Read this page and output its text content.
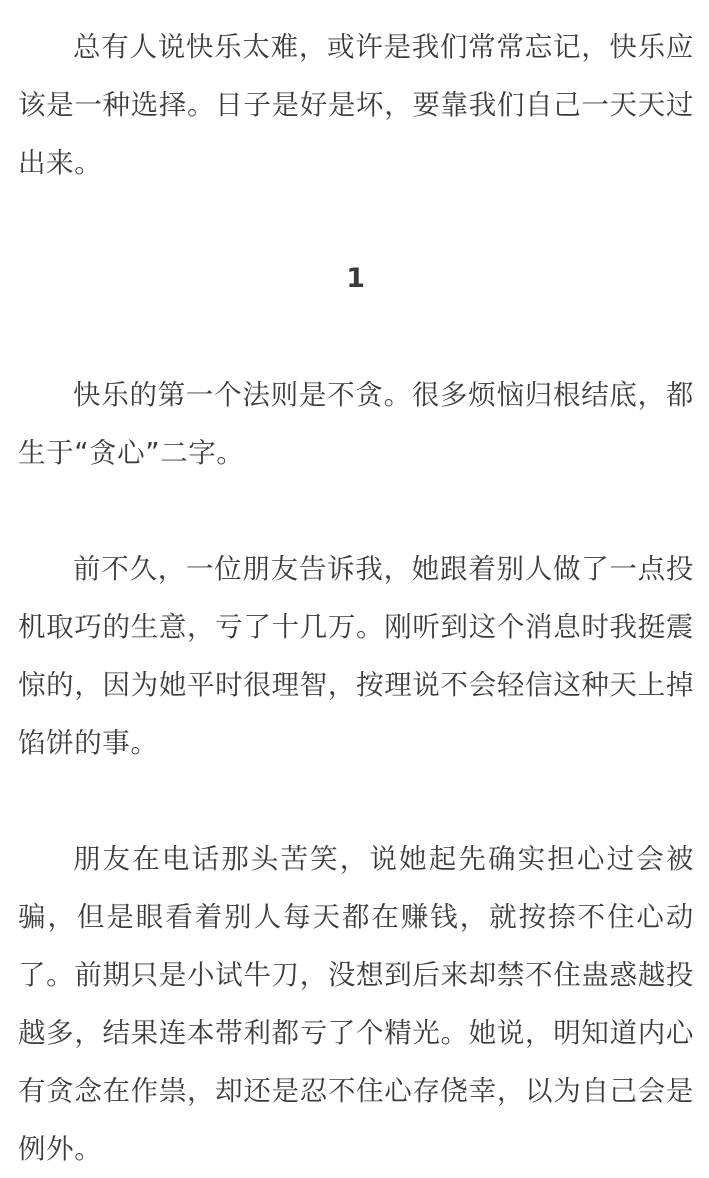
总有人说快乐太难，或许是我们常常忘记，快乐应该是一种选择。日子是好是坏，要靠我们自己一天天过出来。

1

快乐的第一个法则是不贪。很多烦恼归根结底，都生于“贪心”二字。

前不久，一位朋友告诉我，她跟着别人做了一点投机取巧的生意，亏了十几万。刚听到这个消息时我挺震惊的，因为她平时很理智，按理说不会轻信这种天上掉馅饼的事。

朋友在电话那头苦笑，说她起先确实担心过会被骗，但是眼看着别人每天都在赚钱，就按捺不住心动了。前期只是小试牛刀，没想到后来却禁不住蛊惑越投越多，结果连本带利都亏了个精光。她说，明知道内心有贪念在作祟，却还是忍不住心存侥幸，以为自己会是例外。
